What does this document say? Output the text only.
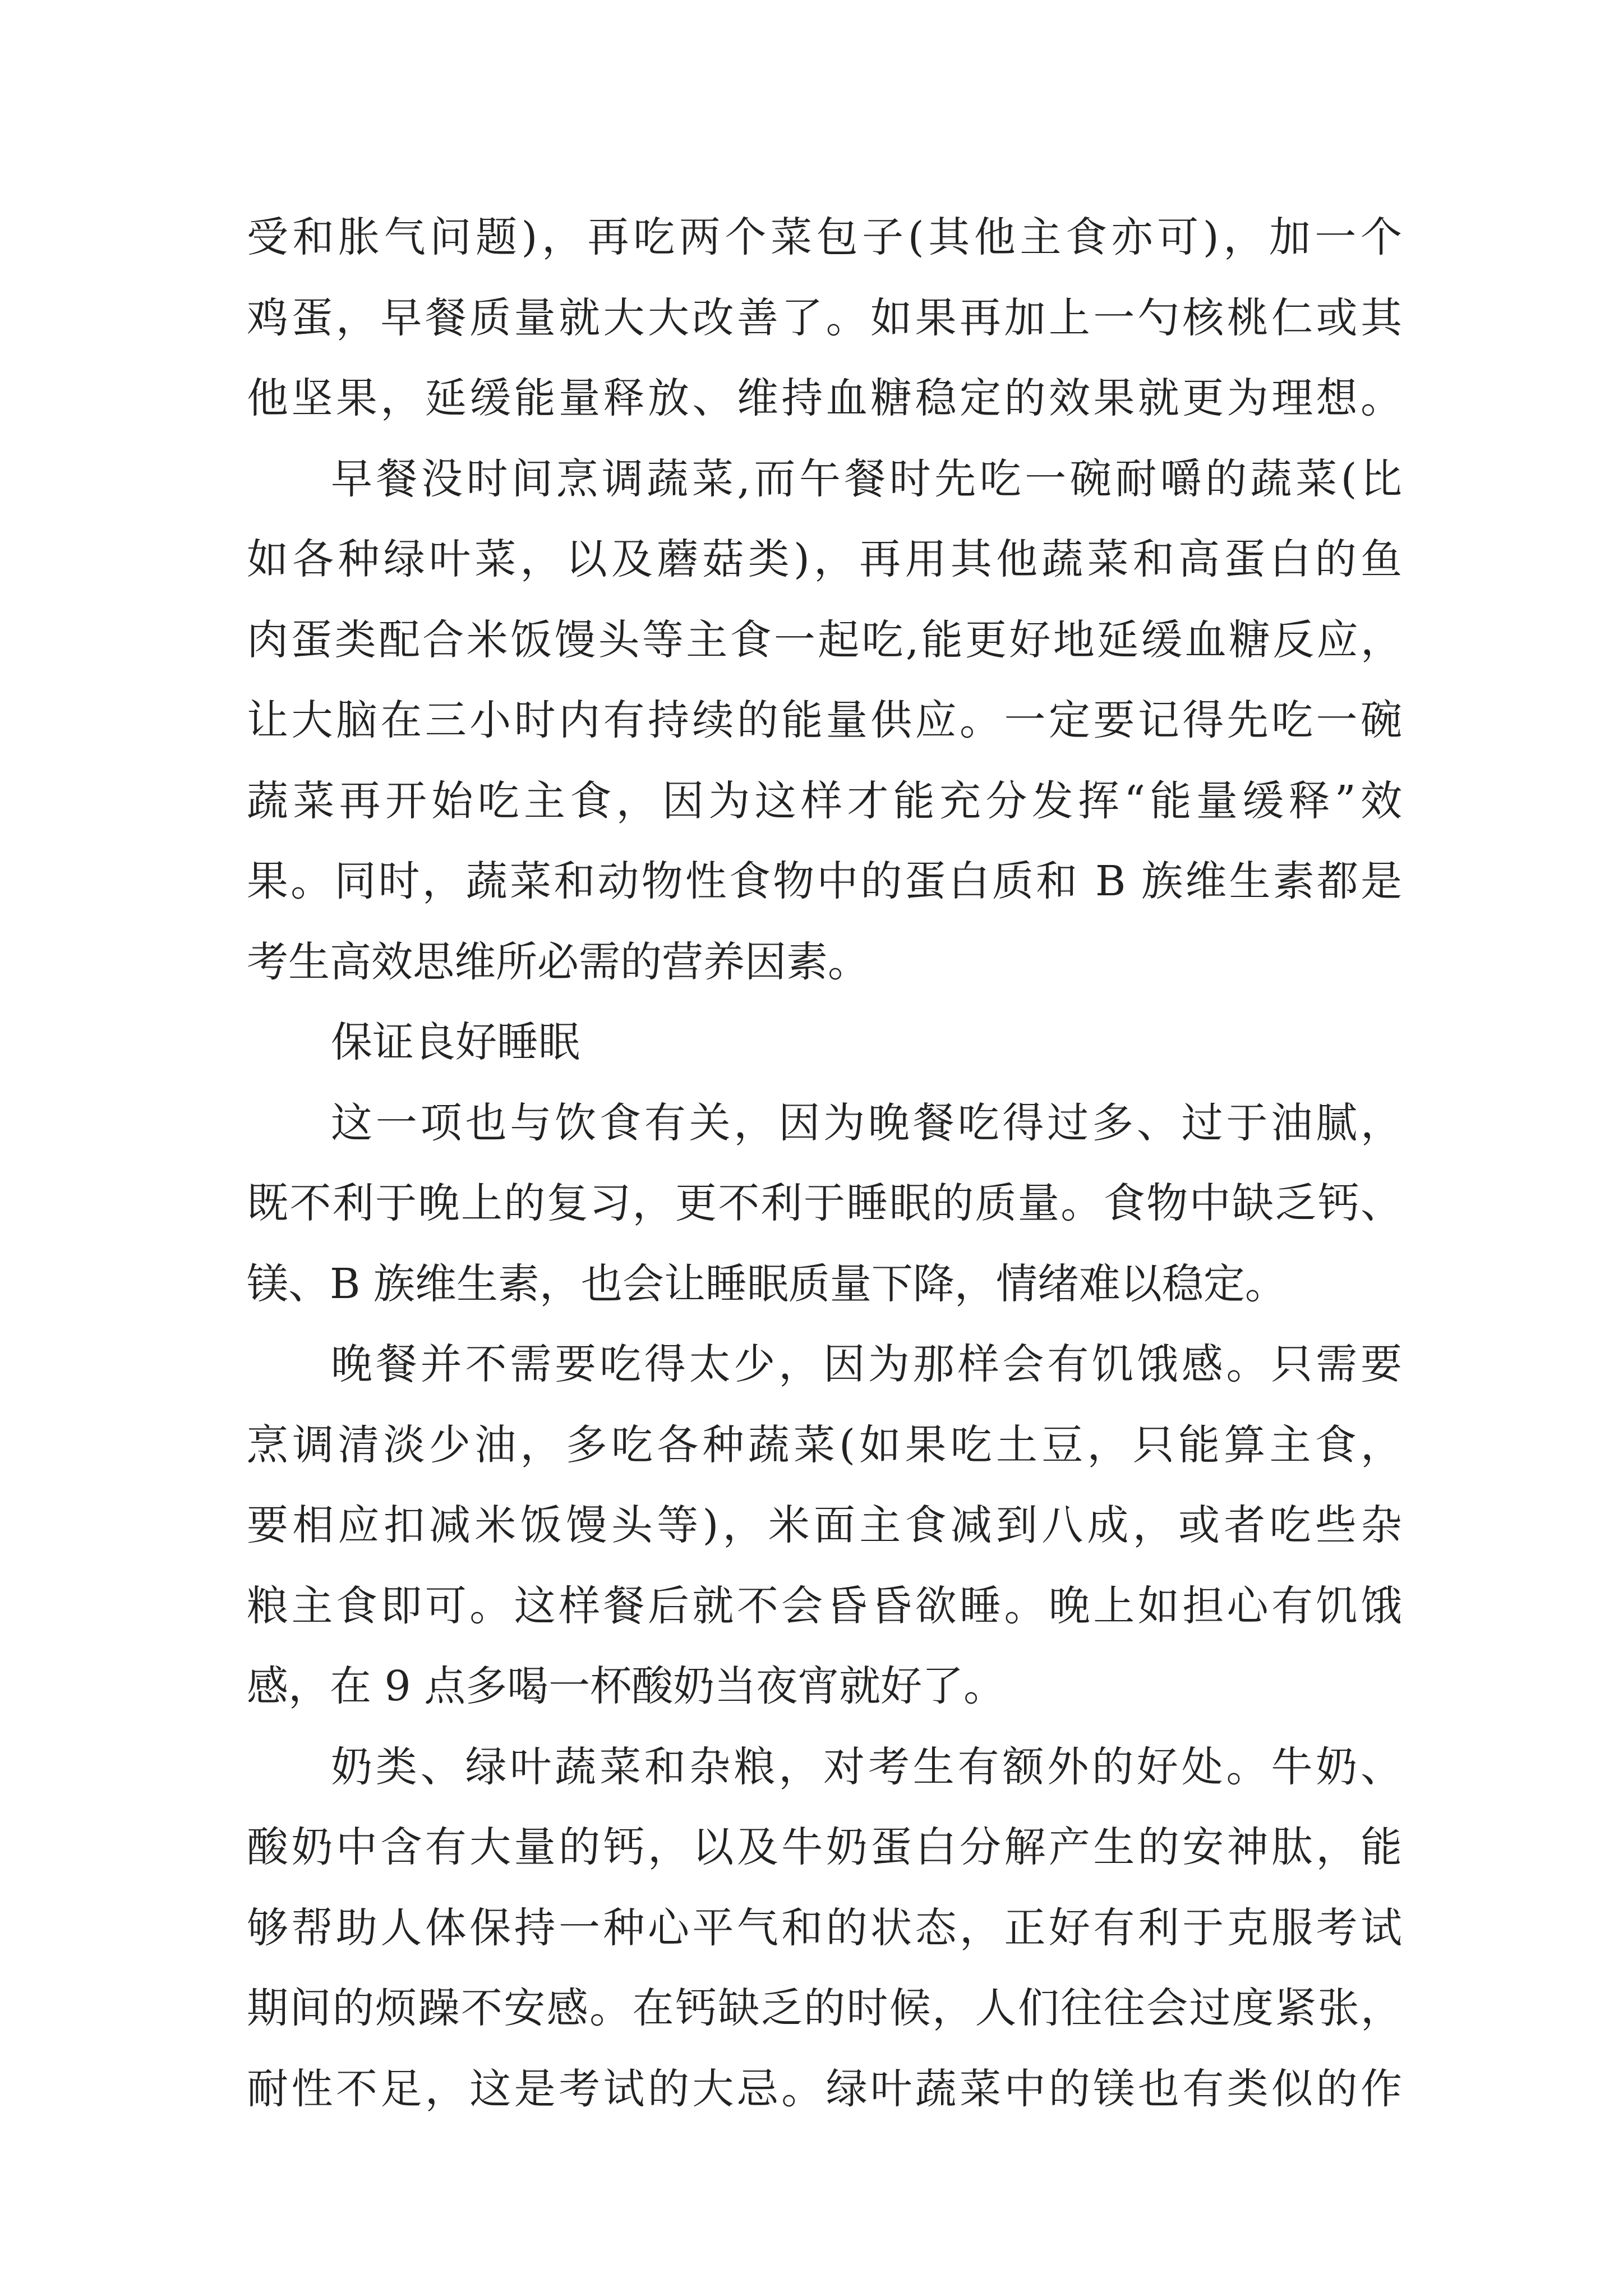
受和胀气问题)，再吃两个菜包子(其他主食亦可)，加一个
鸡蛋，早餐质量就大大改善了。如果再加上一勺核桃仁或其
他坚果，延缓能量释放、维持血糖稳定的效果就更为理想。
早餐没时间烹调蔬菜,而午餐时先吃一碗耐嚼的蔬菜(比
如各种绿叶菜，以及蘑菇类)，再用其他蔬菜和高蛋白的鱼
肉蛋类配合米饭馒头等主食一起吃,能更好地延缓血糖反应，
让大脑在三小时内有持续的能量供应。一定要记得先吃一碗
蔬菜再开始吃主食，因为这样才能充分发挥“能量缓释”效
果。同时，蔬菜和动物性食物中的蛋白质和 B 族维生素都是
考生高效思维所必需的营养因素。
保证良好睡眠
这一项也与饮食有关，因为晚餐吃得过多、过于油腻，
既不利于晚上的复习，更不利于睡眠的质量。食物中缺乏钙、
镁、B 族维生素，也会让睡眠质量下降，情绪难以稳定。
晚餐并不需要吃得太少，因为那样会有饥饿感。只需要
烹调清淡少油，多吃各种蔬菜(如果吃土豆，只能算主食，
要相应扣减米饭馒头等)，米面主食减到八成，或者吃些杂
粮主食即可。这样餐后就不会昏昏欲睡。晚上如担心有饥饿
感，在 9 点多喝一杯酸奶当夜宵就好了。
奶类、绿叶蔬菜和杂粮，对考生有额外的好处。牛奶、
酸奶中含有大量的钙，以及牛奶蛋白分解产生的安神肽，能
够帮助人体保持一种心平气和的状态，正好有利于克服考试
期间的烦躁不安感。在钙缺乏的时候，人们往往会过度紧张，
耐性不足，这是考试的大忌。绿叶蔬菜中的镁也有类似的作
